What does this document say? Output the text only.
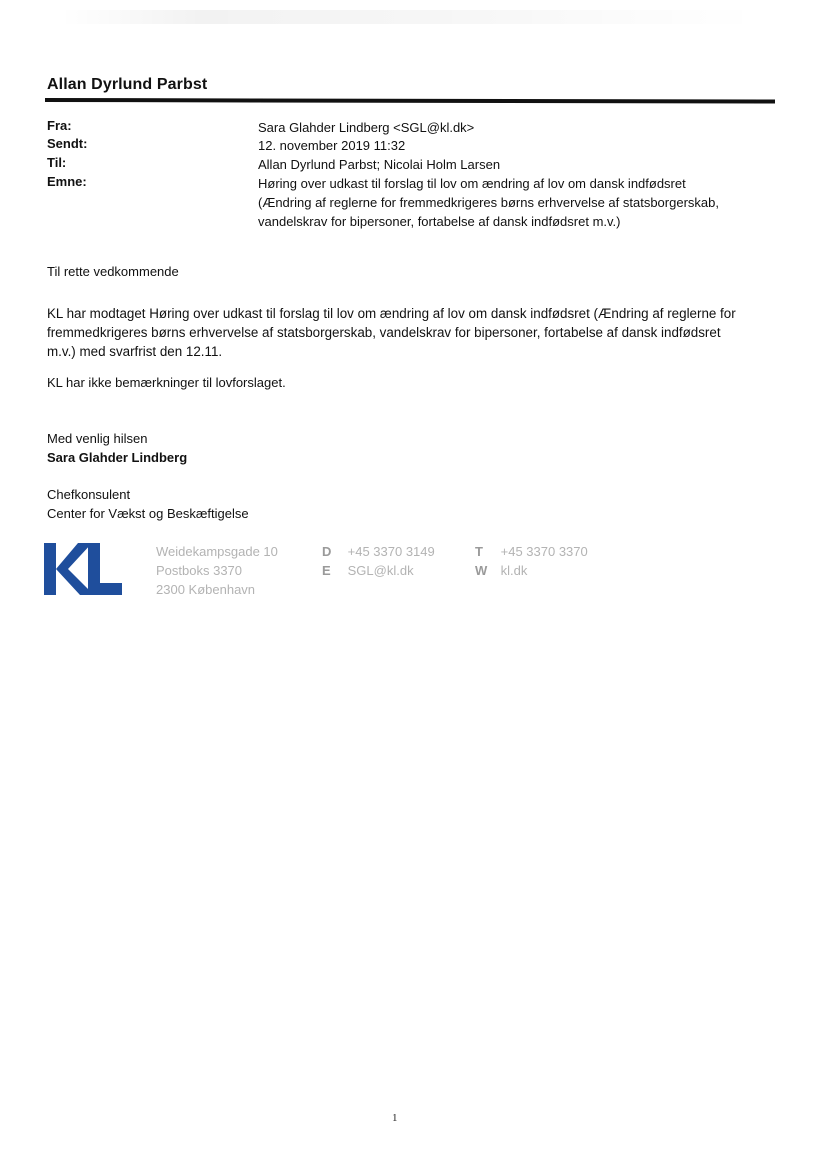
Allan Dyrlund Parbst
Fra:	Sara Glahder Lindberg <SGL@kl.dk>
Sendt:	12. november 2019 11:32
Til:	Allan Dyrlund Parbst; Nicolai Holm Larsen
Emne:	Høring over udkast til forslag til lov om ændring af lov om dansk indfødsret
(Ændring af reglerne for fremmedkrigeres børns erhvervelse af statsborgerskab,
vandelskrav for bipersoner, fortabelse af dansk indfødsret m.v.)
Til rette vedkommende
KL har modtaget Høring over udkast til forslag til lov om ændring af lov om dansk indfødsret (Ændring af reglerne for
fremmedkrigeres børns erhvervelse af statsborgerskab, vandelskrav for bipersoner, fortabelse af dansk indfødsret
m.v.) med svarfrist den 12.11.
KL har ikke bemærkninger til lovforslaget.
Med venlig hilsen
Sara Glahder Lindberg
Chefkonsulent
Center for Vækst og Beskæftigelse
Weidekampsgade 10
Postboks 3370
2300 København
D +45 3370 3149
E SGL@kl.dk
T +45 3370 3370
W kl.dk
1
